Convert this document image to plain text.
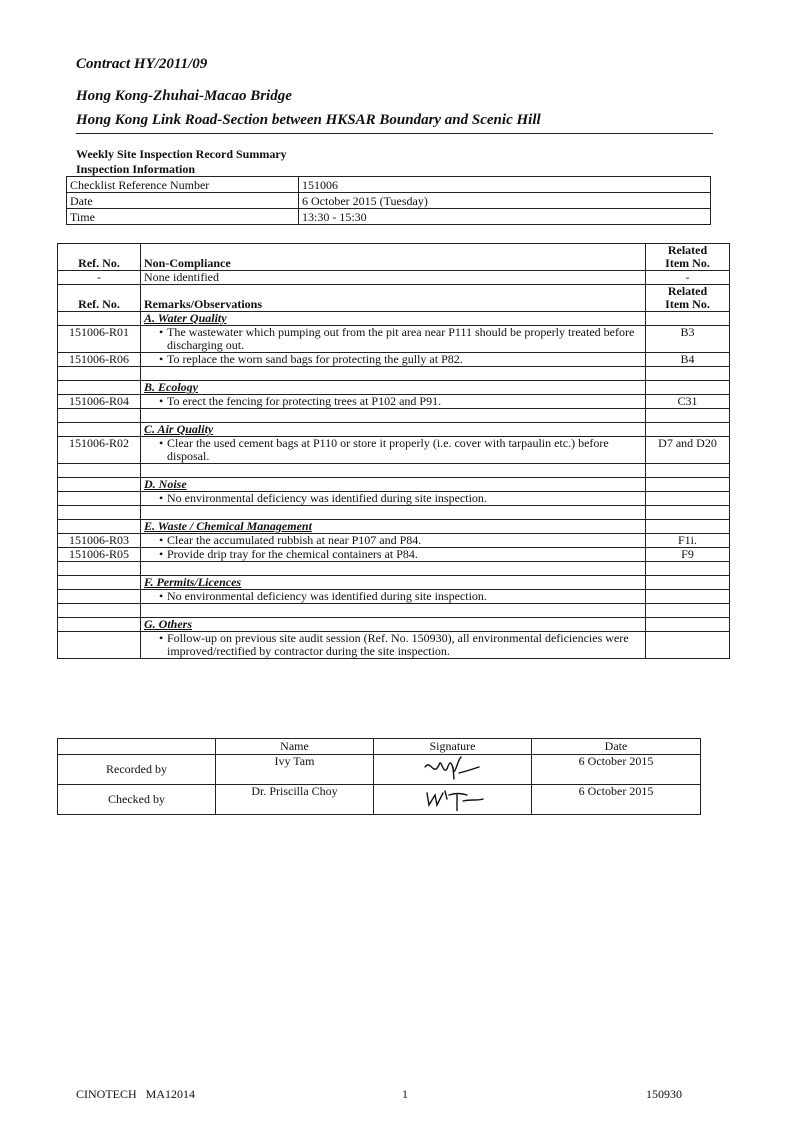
Contract HY/2011/09
Hong Kong-Zhuhai-Macao Bridge
Hong Kong Link Road-Section between HKSAR Boundary and Scenic Hill
Weekly Site Inspection Record Summary
Inspection Information
Checklist Reference Number	151006
Date	6 October 2015 (Tuesday)
Time	13:30 - 15:30
Ref. No.	Non-Compliance	Related
Item No.

-	None identified	-
Ref. No.	Remarks/Observations	Related
Item No.

	A. Water Quality	
151006-R01	• The wastewater which pumping out from the pit area near P111 should be properly treated before discharging out.	B3
151006-R06	• To replace the worn sand bags for protecting the gully at P82.	B4

	B. Ecology	
151006-R04	• To erect the fencing for protecting trees at P102 and P91.	C31

	C. Air Quality	
151006-R02	• Clear the used cement bags at P110 or store it properly (i.e. cover with tarpaulin etc.) before disposal.	D7 and D20

	D. Noise	

	• No environmental deficiency was identified during site inspection.

	E. Waste / Chemical Management	
151006-R03	• Clear the accumulated rubbish at near P107 and P84.	F1i.
151006-R05	• Provide drip tray for the chemical containers at P84.	F9

	F. Permits/Licences	

	• No environmental deficiency was identified during site inspection.

	G. Others	

	• Follow-up on previous site audit session (Ref. No. 150930), all environmental deficiencies were improved/rectified by contractor during the site inspection.

	Name	Signature	Date
Recorded by	Ivy Tam		6 October 2015
Checked by	Dr. Priscilla Choy		6 October 2015
CINOTECH   MA12014	1	150930
